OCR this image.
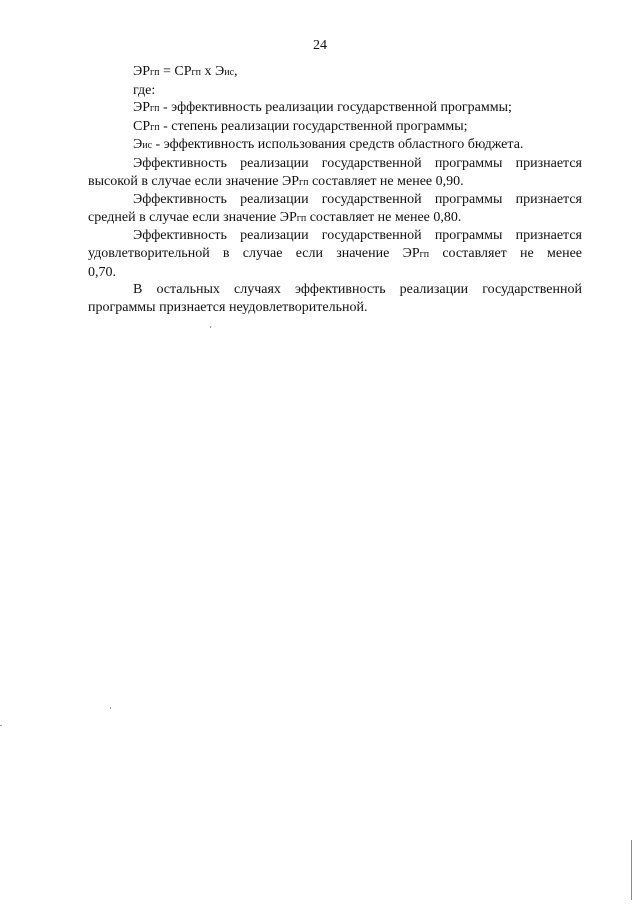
24
ЭРгп = СРгп х Эис,
где:
ЭРгп - эффективность реализации государственной программы;
СРгп - степень реализации государственной программы;
Эис - эффективность использования средств областного бюджета.
Эффективность реализации государственной программы признается
высокой в случае если значение ЭРгп составляет не менее 0,90.
Эффективность реализации государственной программы признается
средней в случае если значение ЭРгп составляет не менее 0,80.
Эффективность реализации государственной программы признается
удовлетворительной в случае если значение ЭРгп составляет не менее
0,70.
В остальных случаях эффективность реализации государственной
программы признается неудовлетворительной.
